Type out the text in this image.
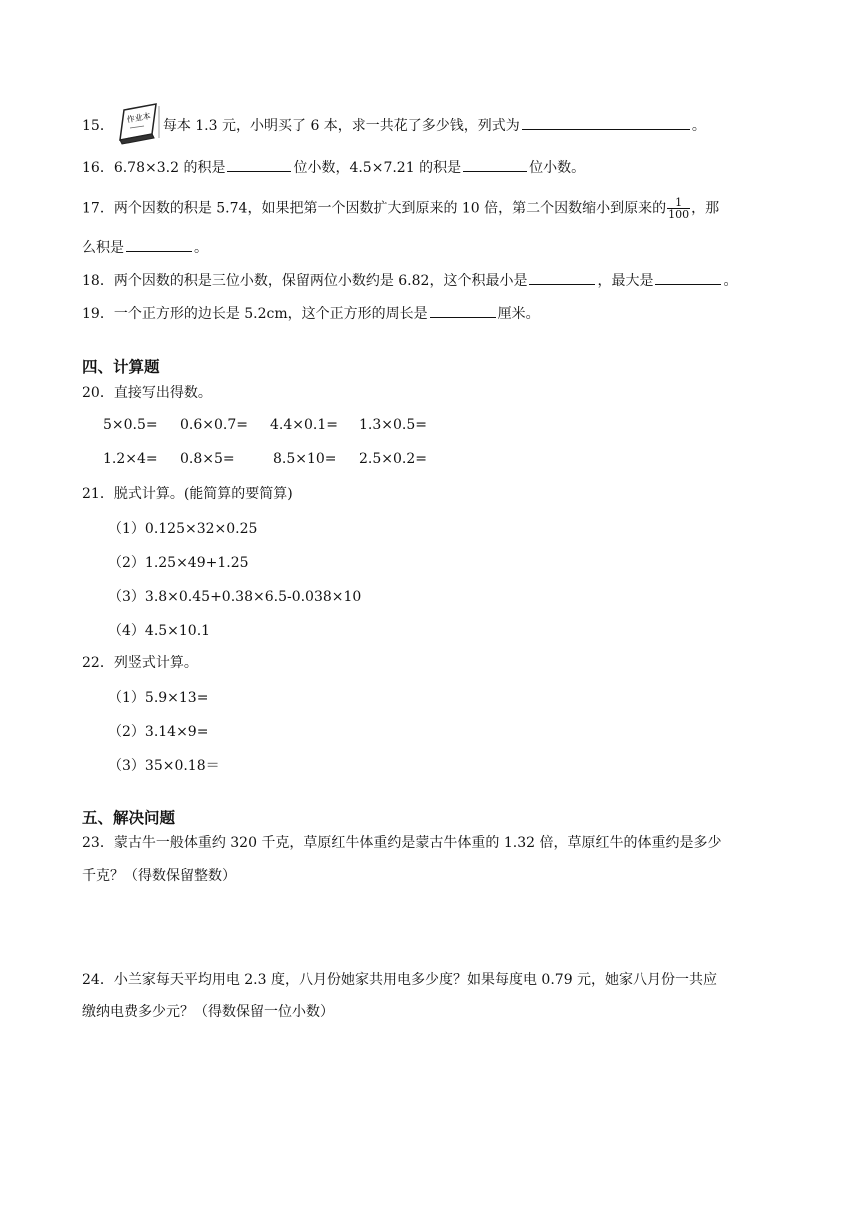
15． 作业本 每本 1.3 元，小明买了 6 本，求一共花了多少钱，列式为	。
16．6.78×3.2 的积是	位小数，4.5×7.21 的积是	位小数。
17．两个因数的积是 5.74，如果把第一个因数扩大到原来的 10 倍，第二个因数缩小到原来的 $\frac{1}{100}$ ，那
么积是	。
18．两个因数的积是三位小数，保留两位小数约是 6.82，这个积最小是	，最大是	。
19．一个正方形的边长是 5.2cm，这个正方形的周长是	厘米。
四、计算题
20．直接写出得数。
5×0.5= 0.6×0.7= 4.4×0.1= 1.3×0.5=
1.2×4= 0.8×5=	8.5×10= 2.5×0.2=
21．脱式计算。(能简算的要简算)
（1）0.125×32×0.25
（2）1.25×49+1.25
（3）3.8×0.45+0.38×6.5-0.038×10
（4）4.5×10.1
22．列竖式计算。
（1）5.9×13=
（2）3.14×9=
（3）35×0.18＝
五、解决问题
23．蒙古牛一般体重约 320 千克，草原红牛体重约是蒙古牛体重的 1.32 倍，草原红牛的体重约是多少
千克？（得数保留整数）
24．小兰家每天平均用电 2.3 度，八月份她家共用电多少度？如果每度电 0.79 元，她家八月份一共应
缴纳电费多少元？（得数保留一位小数）
